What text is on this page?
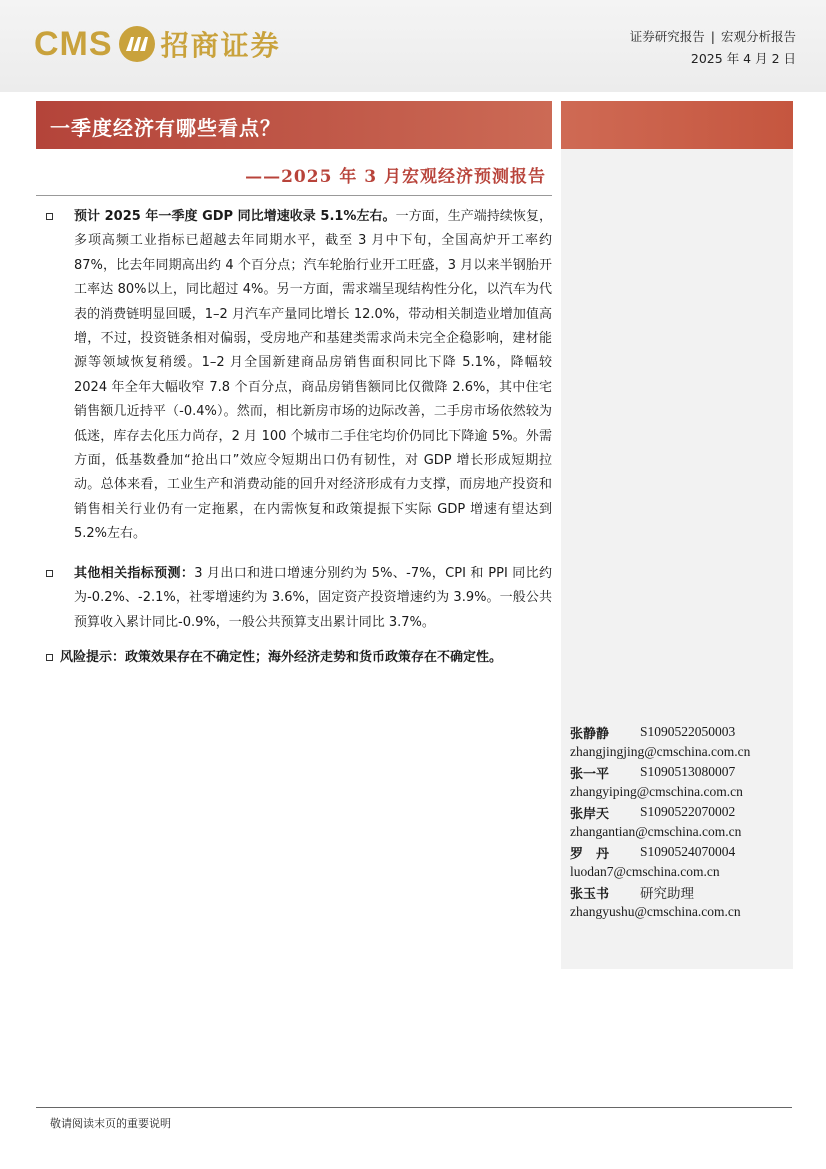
CMS 招商证券	证券研究报告 | 宏观分析报告
2025 年 4 月 2 日
一季度经济有哪些看点？
——2025 年 3 月宏观经济预测报告
预计 2025 年一季度 GDP 同比增速收录 5.1%左右。一方面，生产端持续恢复，多项高频工业指标已超越去年同期水平，截至 3 月中下旬，全国高炉开工率约 87%，比去年同期高出约 4 个百分点；汽车轮胎行业开工旺盛，3 月以来半钢胎开工率达 80%以上，同比超过 4%。另一方面，需求端呈现结构性分化，以汽车为代表的消费链明显回暖，1–2 月汽车产量同比增长 12.0%，带动相关制造业增加值高增，不过，投资链条相对偏弱，受房地产和基建类需求尚未完全企稳影响，建材能源等领域恢复稍缓。1–2 月全国新建商品房销售面积同比下降 5.1%，降幅较 2024 年全年大幅收窄 7.8 个百分点，商品房销售额同比仅微降 2.6%，其中住宅销售额几近持平（-0.4%）。然而，相比新房市场的边际改善，二手房市场依然较为低迷，库存去化压力尚存，2 月 100 个城市二手住宅均价仍同比下降逾 5%。外需方面，低基数叠加“抢出口”效应令短期出口仍有韧性，对 GDP 增长形成短期拉动。总体来看，工业生产和消费动能的回升对经济形成有力支撑，而房地产投资和销售相关行业仍有一定拖累，在内需恢复和政策提振下实际 GDP 增速有望达到 5.2%左右。
其他相关指标预测：3 月出口和进口增速分别约为 5%、-7%，CPI 和 PPI 同比约为-0.2%、-2.1%，社零增速约为 3.6%，固定资产投资增速约为 3.9%。一般公共预算收入累计同比-0.9%，一般公共预算支出累计同比 3.7%。
风险提示：政策效果存在不确定性；海外经济走势和货币政策存在不确定性。
张静静	S1090522050003
zhangjingjing@cmschina.com.cn
张一平	S1090513080007
zhangyiping@cmschina.com.cn
张岸天	S1090522070002
zhangantian@cmschina.com.cn
罗　丹	S1090524070004
luodan7@cmschina.com.cn
张玉书	研究助理
zhangyushu@cmschina.com.cn
敬请阅读末页的重要说明
